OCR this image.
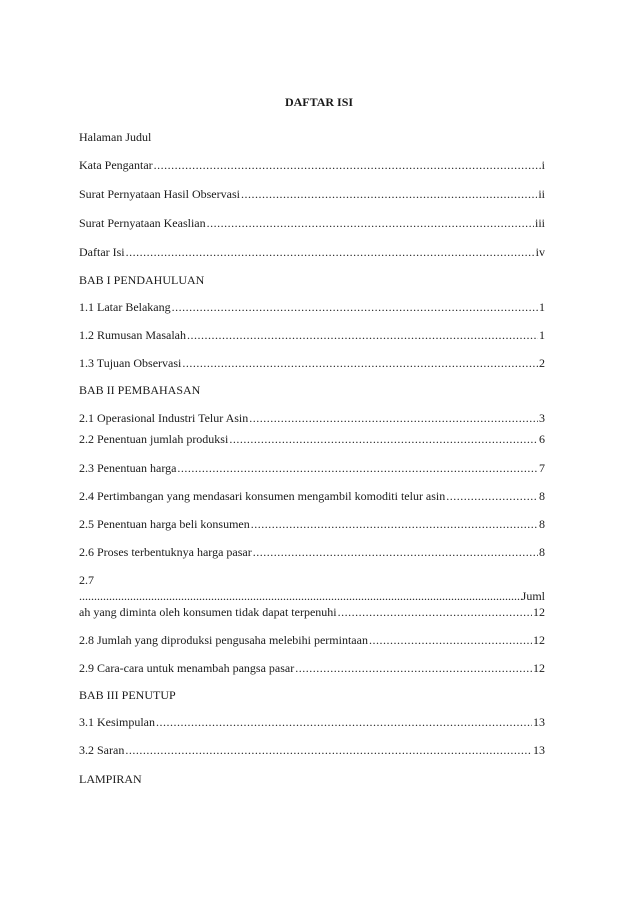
DAFTAR ISI
Halaman Judul
Kata Pengantar .....	i
Surat Pernyataan Hasil Observasi .....	ii
Surat Pernyataan Keaslian .....	iii
Daftar Isi .....	iv
BAB I PENDAHULUAN
1.1 Latar Belakang .....	1
1.2 Rumusan Masalah .....	1
1.3 Tujuan Observasi .....	2
BAB II PEMBAHASAN
2.1 Operasional Industri Telur Asin .....	3
2.2 Penentuan jumlah produksi .....	6
2.3 Penentuan harga .....	7
2.4 Pertimbangan yang mendasari konsumen mengambil komoditi telur asin .....	8
2.5 Penentuan harga beli konsumen .....	8
2.6 Proses terbentuknya harga pasar .....	8
2.7
.....
Juml
ah yang diminta oleh konsumen tidak dapat terpenuhi .....	12
2.8 Jumlah yang diproduksi pengusaha melebihi permintaan .....	12
2.9 Cara-cara untuk menambah pangsa pasar .....	12
BAB III PENUTUP
3.1 Kesimpulan .....	13
3.2 Saran .....	13
LAMPIRAN
